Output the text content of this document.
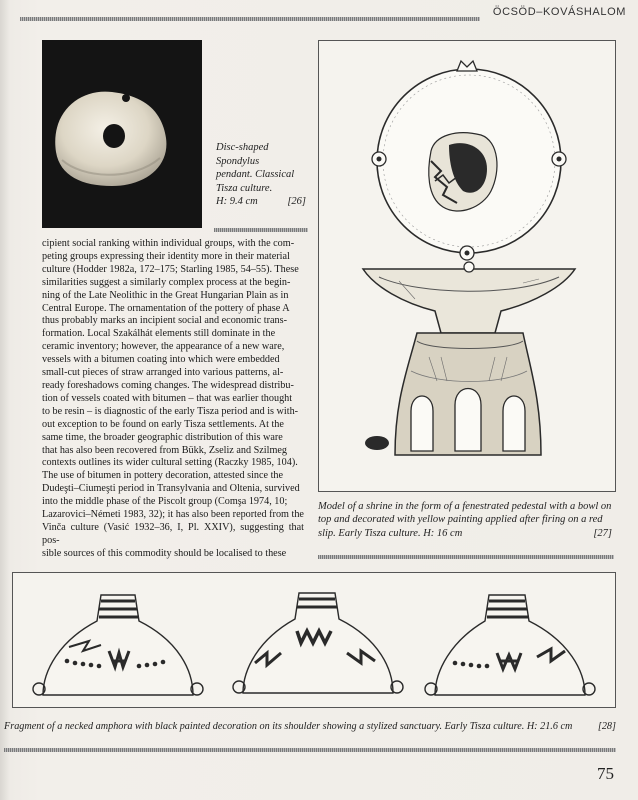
ÖCSÖD–KOVÁSHALOM
Disc-shaped
Spondylus
pendant. Classical
Tisza culture.
H: 9.4 cm	[26]

cipient social ranking within individual groups, with the com-

peting groups expressing their identity more in their material

culture (Hodder 1982a, 172–175; Starling 1985, 54–55). These

similarities suggest a similarly complex process at the begin-

ning of the Late Neolithic in the Great Hungarian Plain as in

Central Europe. The ornamentation of the pottery of phase A

thus probably marks an incipient social and economic trans-

formation. Local Szakálhát elements still dominate in the

ceramic inventory; however, the appearance of a new ware,

vessels with a bitumen coating into which were embedded

small-cut pieces of straw arranged into various patterns, al-

ready foreshadows coming changes. The widespread distribu-

tion of vessels coated with bitumen – that was earlier thought

to be resin – is diagnostic of the early Tisza period and is with-

out exception to be found on early Tisza settlements. At the

same time, the broader geographic distribution of this ware

that has also been recovered from Bükk, Zseliz and Szilmeg

contexts outlines its wider cultural setting (Raczky 1985, 104).

The use of bitumen in pottery decoration, attested since the

Dudeşti–Ciumeşti period in Transylvania and Oltenia, survived

into the middle phase of the Piscolt group (Comşa 1974, 10;

Lazarovici–Németi 1983, 32); it has also been reported from the

Vinča culture (Vasić 1932–36, I, Pl. XXIV), suggesting that pos-

sible sources of this commodity should be localised to these

Model of a shrine in the form of a fenestrated pedestal with a bowl on top and decorated with yellow painting applied after firing on a red slip. Early Tisza culture. H: 16 cm	[27]
Fragment of a necked amphora with black painted decoration on its shoulder showing a stylized sanctuary. Early Tisza culture. H: 21.6 cm	[28]
75
